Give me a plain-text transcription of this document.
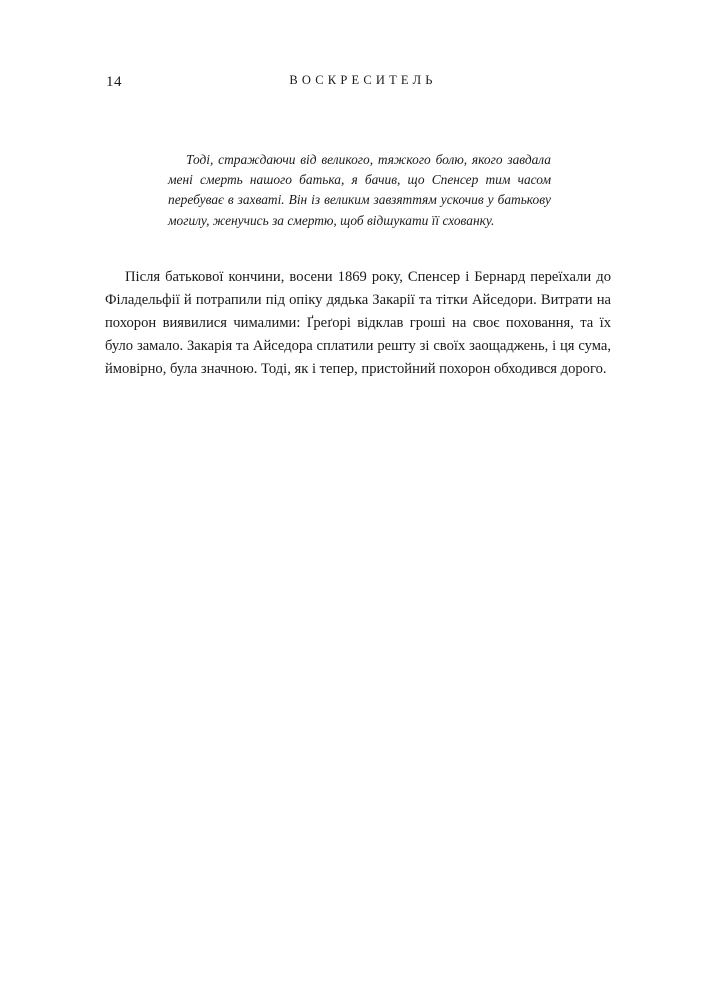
14	ВОСКРЕСИТЕЛЬ

Тоді, страждаючи від великого, тяжкого болю, якого завдала мені смерть нашого батька, я бачив, що Спенсер тим часом перебуває в захваті. Він із великим завзяттям ускочив у батькову могилу, женучись за смертю, щоб відшукати її схованку.

Після батькової кончини, восени 1869 року, Спенсер і Бернард переїхали до Філадельфії й потрапили під опіку дядька Закарії та тітки Айседори. Витрати на похорон виявилися чималими: Ґреґорі відклав гроші на своє поховання, та їх було замало. Закарія та Айседора сплатили решту зі своїх заощаджень, і ця сума, ймовірно, була значною. Тоді, як і тепер, пристойний похорон обходився дорого.
